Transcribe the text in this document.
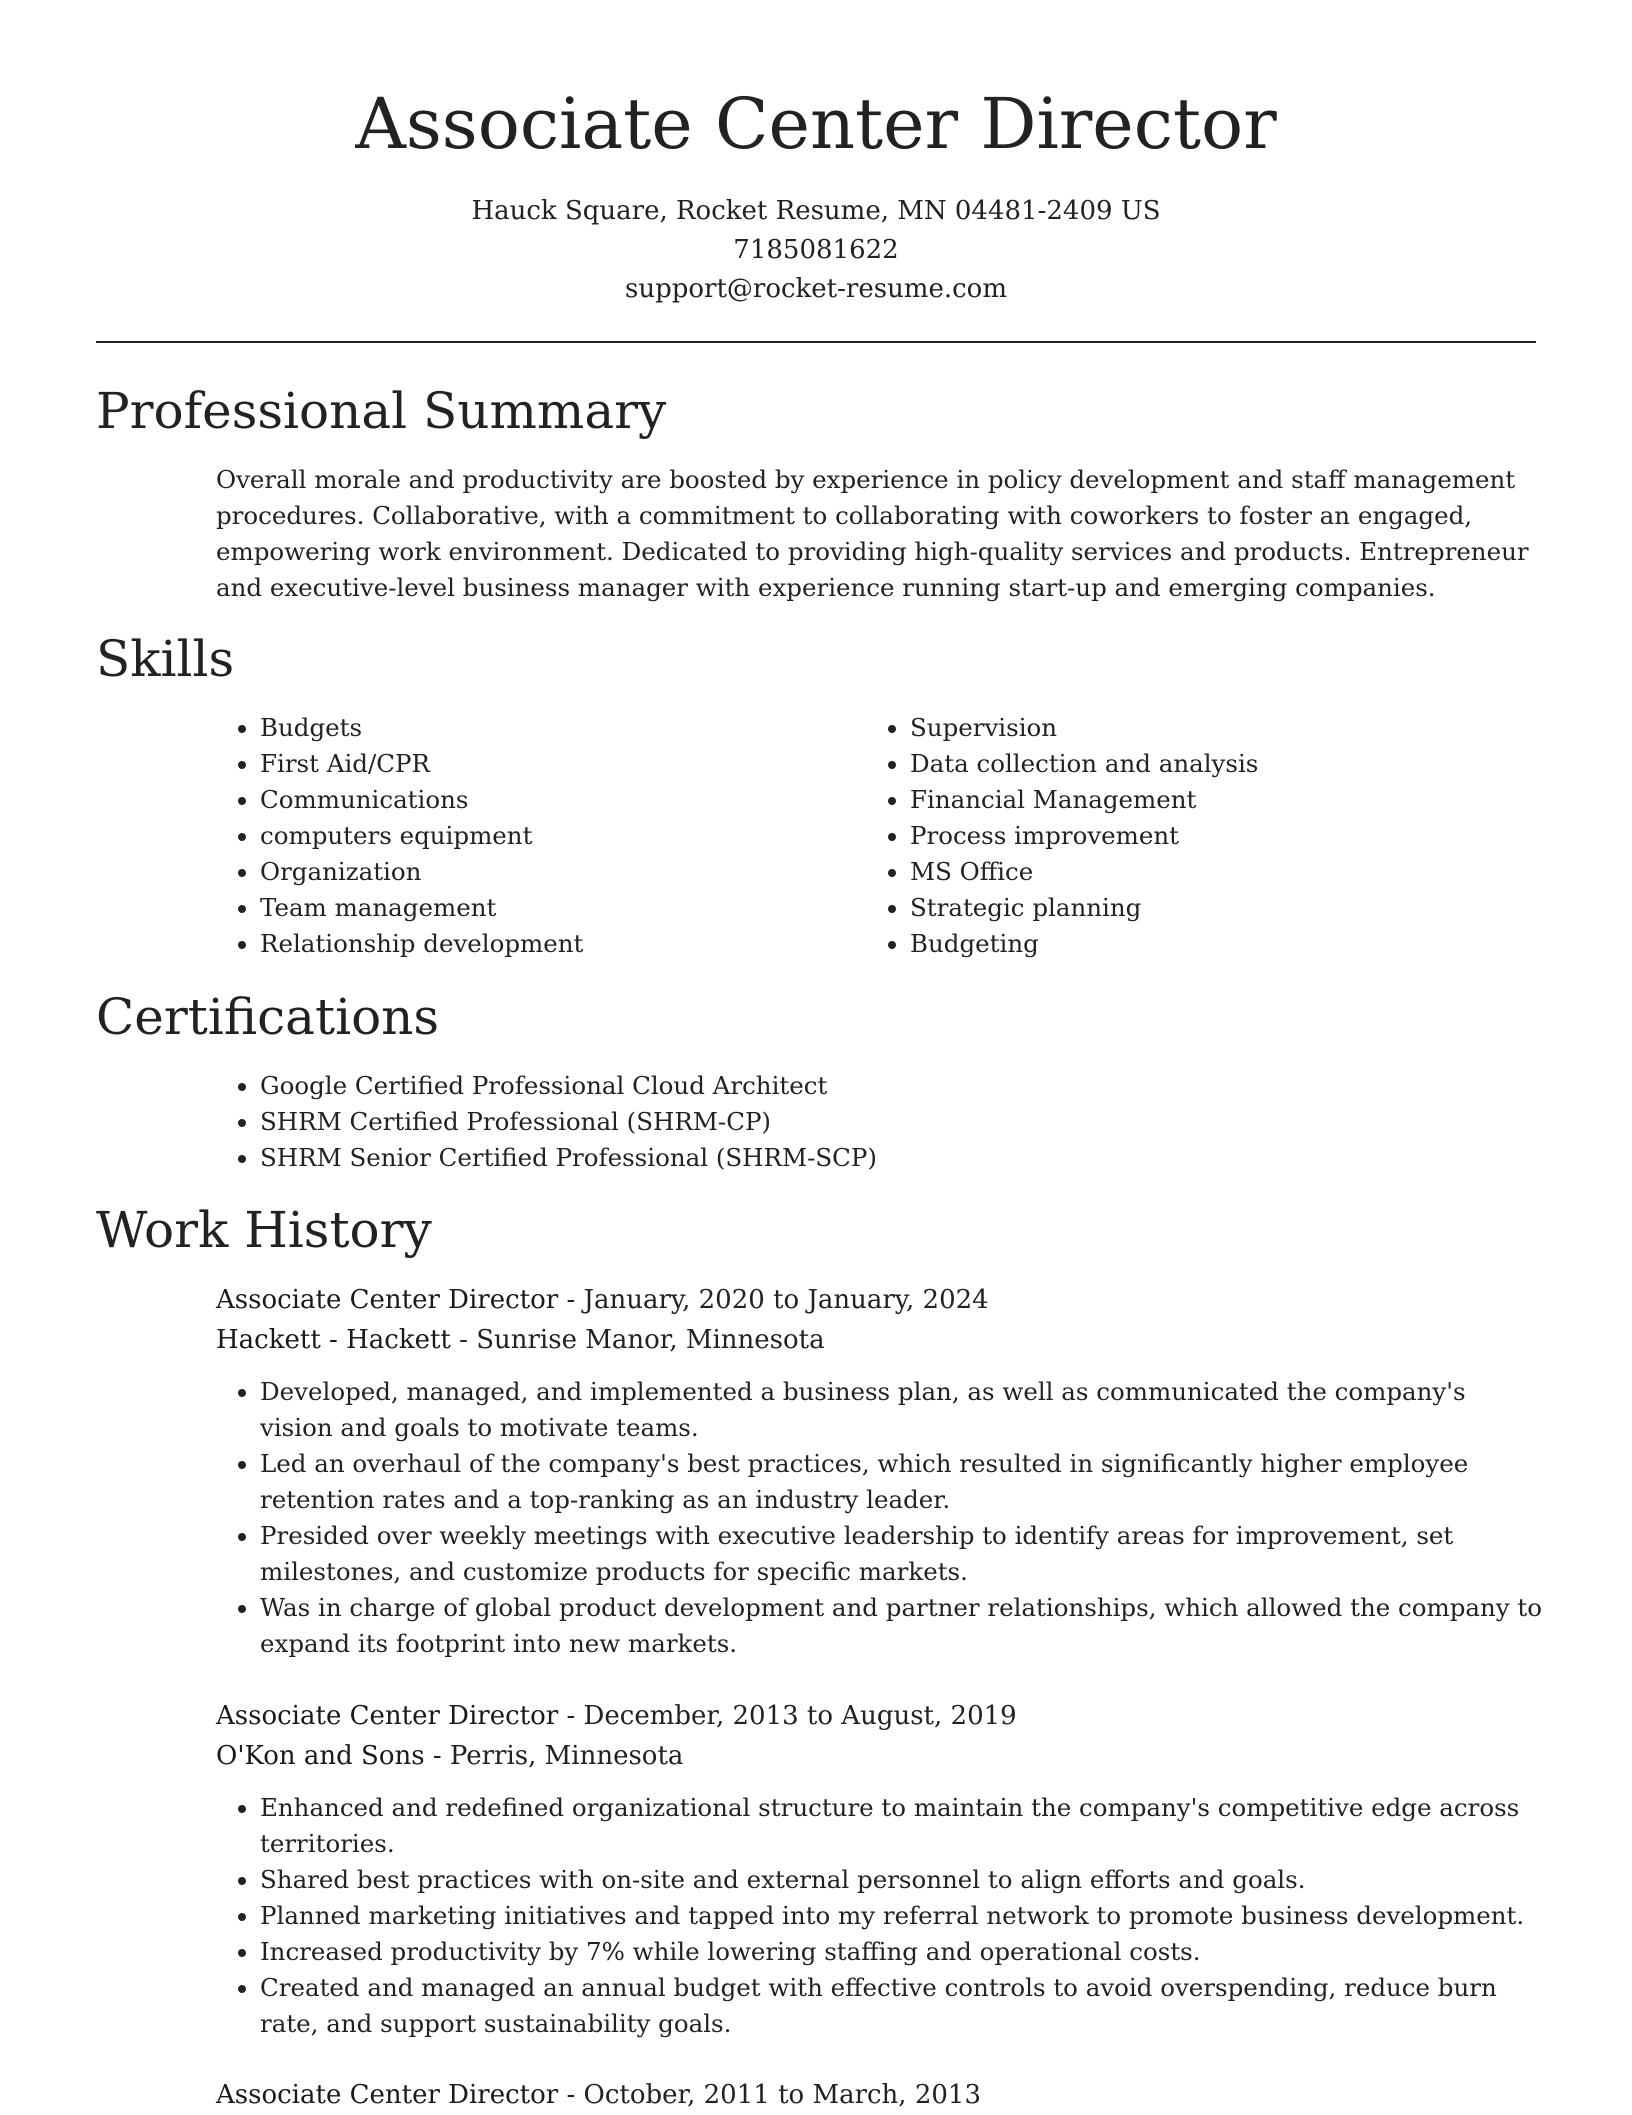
Associate Center Director
Hauck Square, Rocket Resume, MN 04481-2409 US
7185081622
support@rocket-resume.com
Professional Summary

Overall morale and productivity are boosted by experience in policy development and staff management procedures. Collaborative, with a commitment to collaborating with coworkers to foster an engaged, empowering work environment. Dedicated to providing high-quality services and products. Entrepreneur and executive-level business manager with experience running start-up and emerging companies.

Skills
• Budgets
• First Aid/CPR
• Communications
• computers equipment
• Organization
• Team management
• Relationship development
• Supervision
• Data collection and analysis
• Financial Management
• Process improvement
• MS Office
• Strategic planning
• Budgeting
Certifications
• Google Certified Professional Cloud Architect
• SHRM Certified Professional (SHRM-CP)
• SHRM Senior Certified Professional (SHRM-SCP)
Work History
Associate Center Director - January, 2020 to January, 2024
Hackett - Hackett - Sunrise Manor, Minnesota
• Developed, managed, and implemented a business plan, as well as communicated the company's vision and goals to motivate teams.
• Led an overhaul of the company's best practices, which resulted in significantly higher employee retention rates and a top-ranking as an industry leader.
• Presided over weekly meetings with executive leadership to identify areas for improvement, set milestones, and customize products for specific markets.
• Was in charge of global product development and partner relationships, which allowed the company to expand its footprint into new markets.
Associate Center Director - December, 2013 to August, 2019
O'Kon and Sons - Perris, Minnesota
• Enhanced and redefined organizational structure to maintain the company's competitive edge across territories.
• Shared best practices with on-site and external personnel to align efforts and goals.
• Planned marketing initiatives and tapped into my referral network to promote business development.
• Increased productivity by 7% while lowering staffing and operational costs.
• Created and managed an annual budget with effective controls to avoid overspending, reduce burn rate, and support sustainability goals.
Associate Center Director - October, 2011 to March, 2013
